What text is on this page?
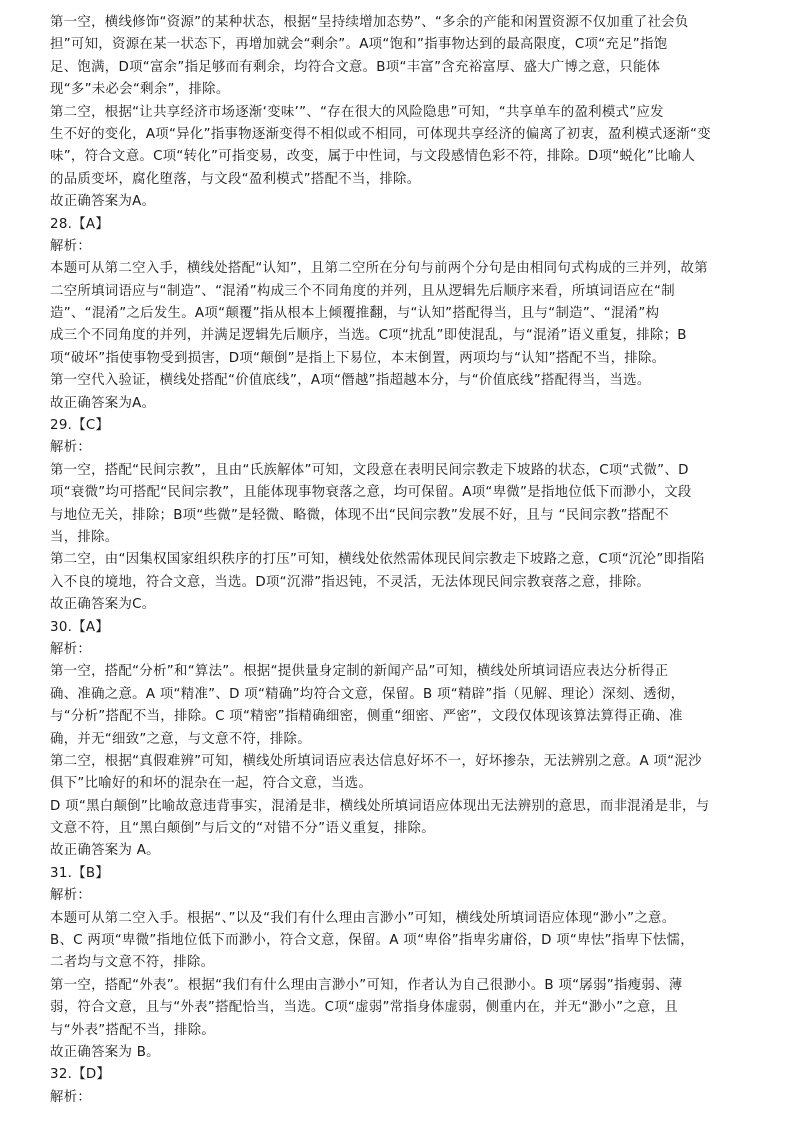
第一空，横线修饰“资源”的某种状态，根据“呈持续增加态势”、“多余的产能和闲置资源不仅加重了社会负
担”可知，资源在某一状态下，再增加就会“剩余”。A项“饱和”指事物达到的最高限度，C项“充足”指饱
足、饱满，D项“富余”指足够而有剩余，均符合文意。B项“丰富”含充裕富厚、盛大广博之意，只能体
现“多”未必会“剩余”，排除。
第二空，根据“让共享经济市场逐渐‘变味’”、“存在很大的风险隐患”可知，“共享单车的盈利模式”应发
生不好的变化，A项“异化”指事物逐渐变得不相似或不相同，可体现共享经济的偏离了初衷，盈利模式逐渐“变
味”，符合文意。C项“转化”可指变易，改变，属于中性词，与文段感情色彩不符，排除。D项“蜕化”比喻人
的品质变坏，腐化堕落，与文段“盈利模式”搭配不当，排除。
故正确答案为A。
28.【A】
解析：
本题可从第二空入手，横线处搭配“认知”，且第二空所在分句与前两个分句是由相同句式构成的三并列，故第
二空所填词语应与“制造”、“混淆”构成三个不同角度的并列，且从逻辑先后顺序来看，所填词语应在“制
造”、“混淆”之后发生。A项“颠覆”指从根本上倾覆推翻，与“认知”搭配得当，且与“制造”、“混淆”构
成三个不同角度的并列，并满足逻辑先后顺序，当选。C项“扰乱”即使混乱，与“混淆”语义重复，排除；B
项“破坏”指使事物受到损害，D项“颠倒”是指上下易位，本末倒置，两项均与“认知”搭配不当，排除。
第一空代入验证，横线处搭配“价值底线”，A项“僭越”指超越本分，与“价值底线”搭配得当，当选。
故正确答案为A。
29.【C】
解析：
第一空，搭配“民间宗教”，且由“氏族解体”可知，文段意在表明民间宗教走下坡路的状态，C项“式微”、D
项“衰微”均可搭配“民间宗教”，且能体现事物衰落之意，均可保留。A项“卑微”是指地位低下而渺小，文段
与地位无关，排除；B项“些微”是轻微、略微，体现不出“民间宗教”发展不好，且与 “民间宗教”搭配不
当，排除。
第二空，由“因集权国家组织秩序的打压”可知，横线处依然需体现民间宗教走下坡路之意，C项“沉沦”即指陷
入不良的境地，符合文意，当选。D项“沉滞”指迟钝，不灵活，无法体现民间宗教衰落之意，排除。
故正确答案为C。
30.【A】
解析：
第一空，搭配“分析”和“算法”。根据“提供量身定制的新闻产品”可知，横线处所填词语应表达分析得正
确、准确之意。A 项“精准”、D 项“精确”均符合文意，保留。B 项“精辟”指（见解、理论）深刻、透彻，
与“分析”搭配不当，排除。C 项“精密”指精确细密，侧重“细密、严密”，文段仅体现该算法算得正确、准
确，并无“细致”之意，与文意不符，排除。
第二空，根据“真假难辨”可知，横线处所填词语应表达信息好坏不一，好坏掺杂，无法辨别之意。A 项“泥沙
俱下”比喻好的和坏的混杂在一起，符合文意，当选。
D 项“黑白颠倒”比喻故意违背事实，混淆是非，横线处所填词语应体现出无法辨别的意思，而非混淆是非，与
文意不符，且“黑白颠倒”与后文的“对错不分”语义重复，排除。
故正确答案为 A。
31.【B】
解析：
本题可从第二空入手。根据“、”以及“我们有什么理由言渺小”可知，横线处所填词语应体现“渺小”之意。
B、C 两项“卑微”指地位低下而渺小，符合文意，保留。A 项“卑俗”指卑劣庸俗，D 项“卑怯”指卑下怯懦，
二者均与文意不符，排除。
第一空，搭配“外表”。根据“我们有什么理由言渺小”可知，作者认为自己很渺小。B 项“孱弱”指瘦弱、薄
弱，符合文意，且与“外表”搭配恰当，当选。C项“虚弱”常指身体虚弱，侧重内在，并无“渺小”之意，且
与“外表”搭配不当，排除。
故正确答案为 B。
32.【D】
解析：
